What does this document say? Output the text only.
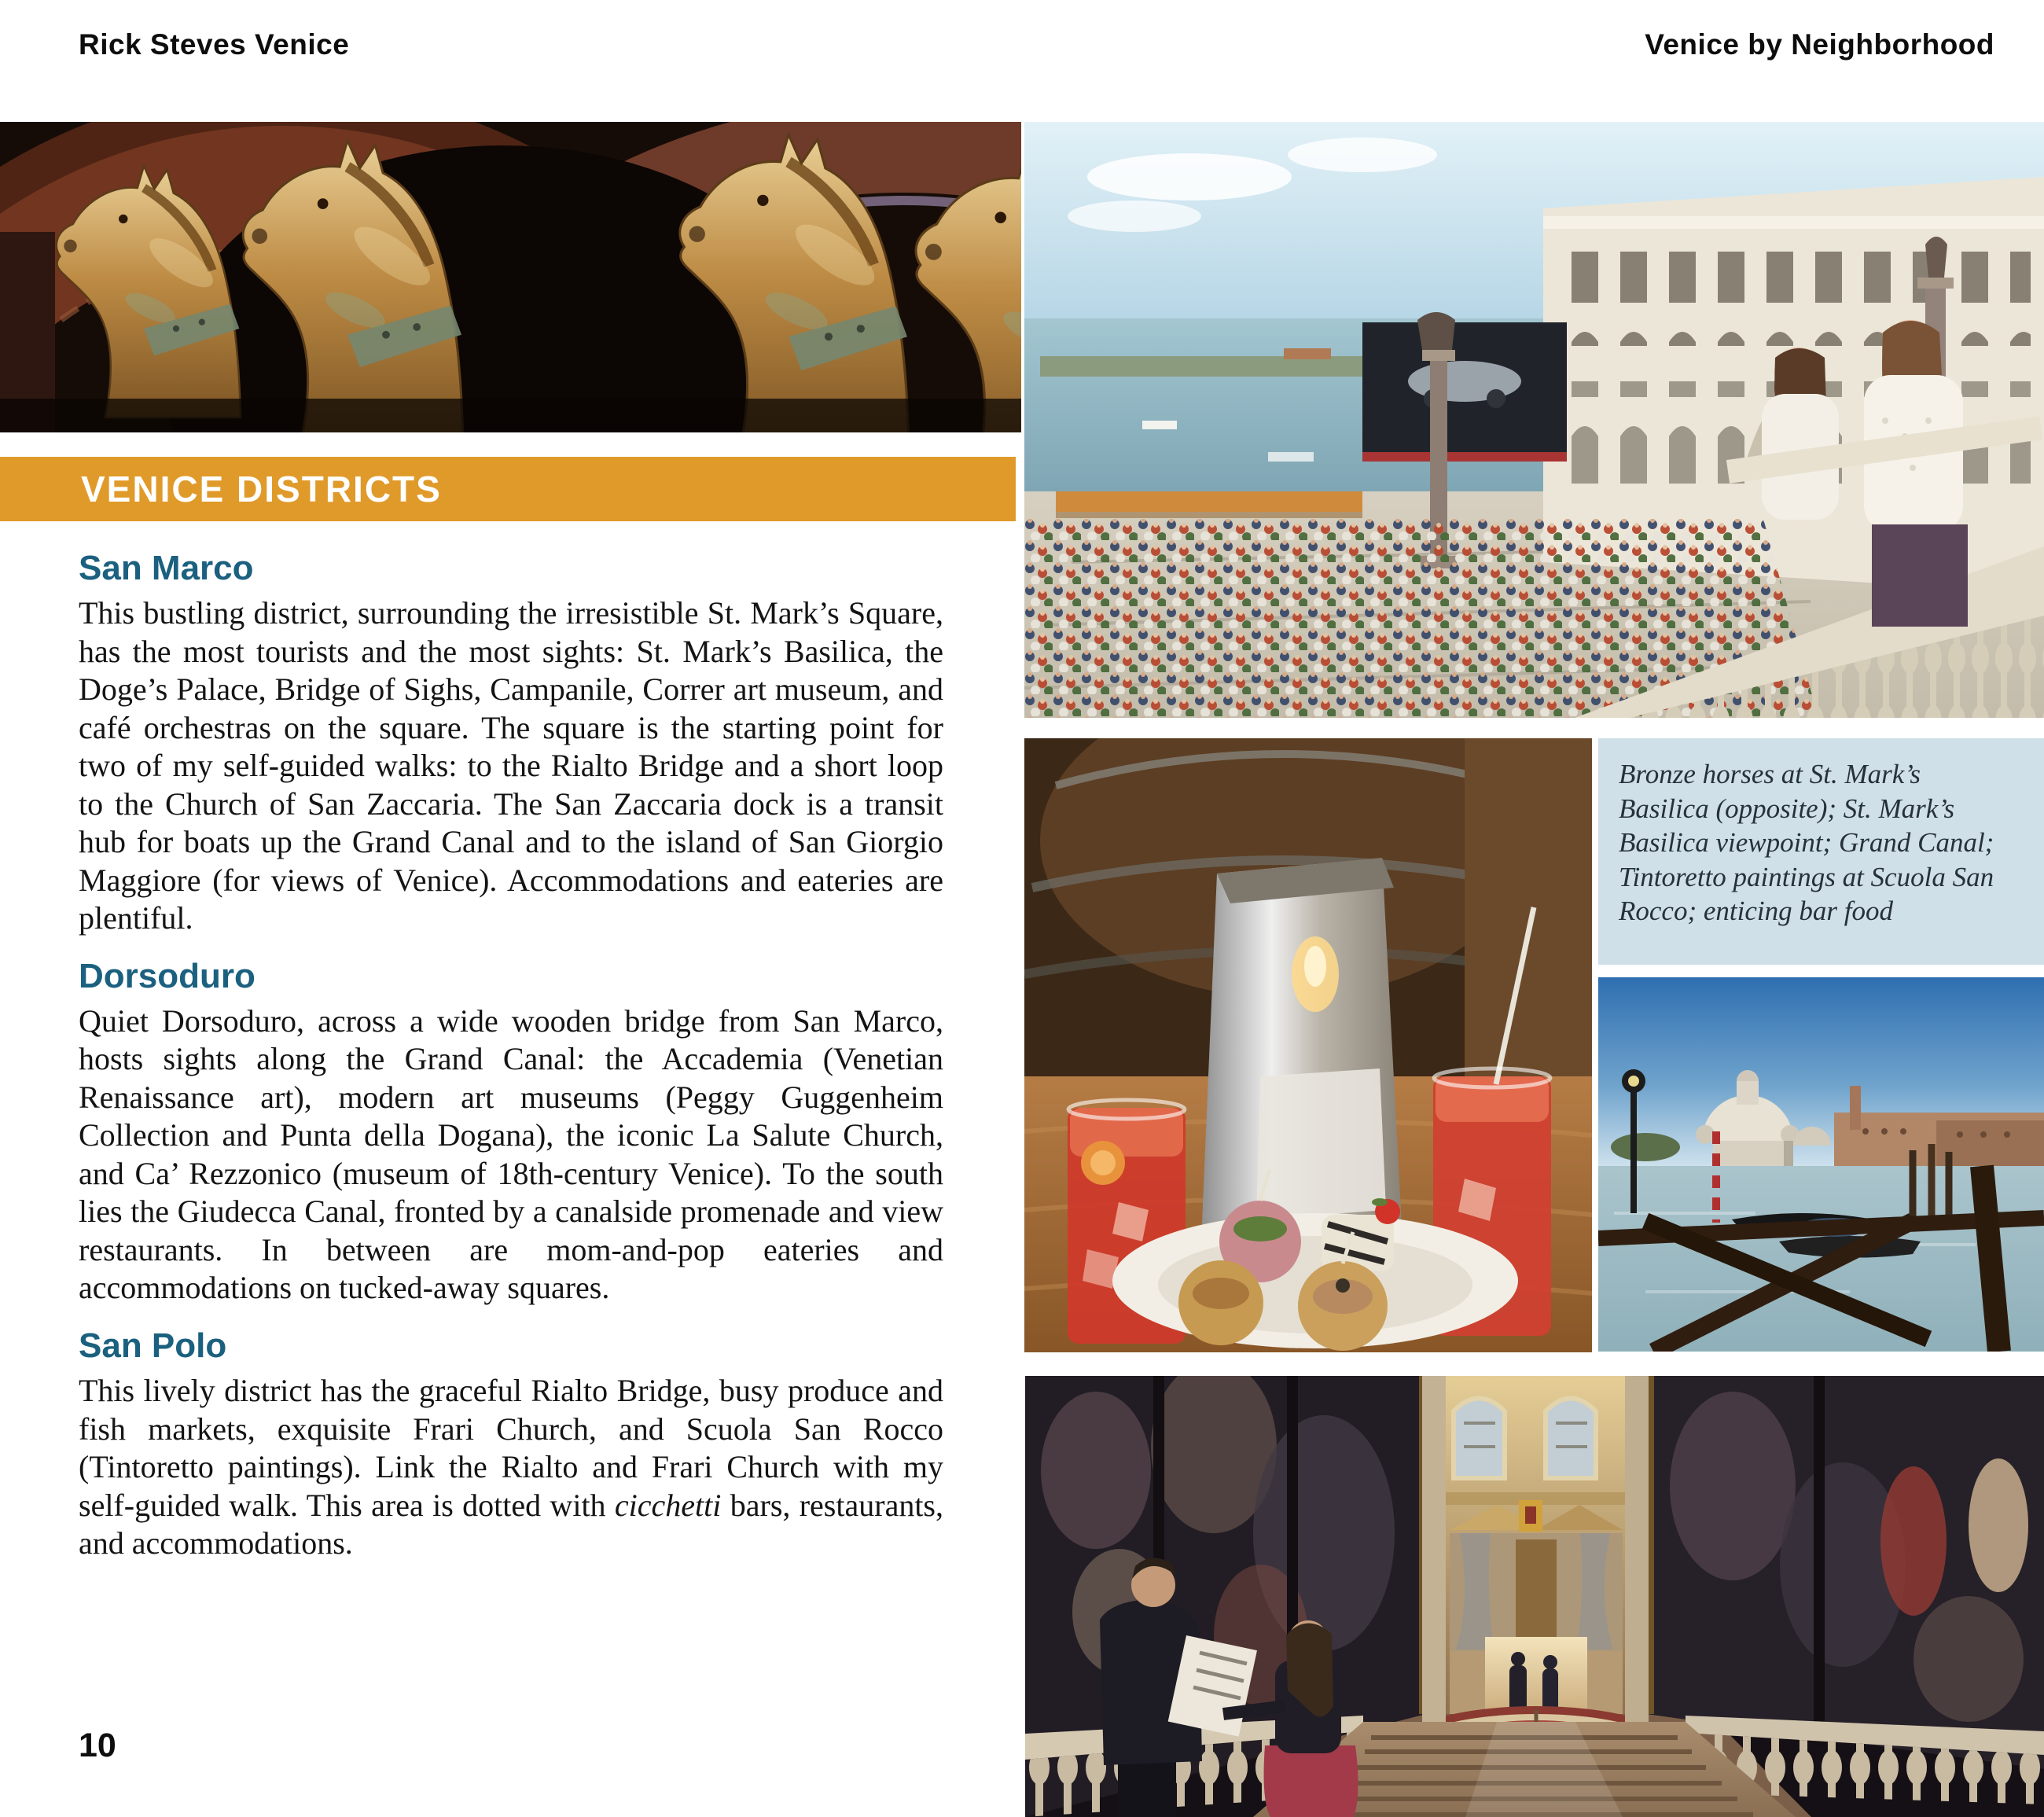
Rick Steves Venice	Venice by Neighborhood
VENICE DISTRICTS
San Marco

This bustling district, surrounding the irresistible St. Mark’s Square, has the most tourists and the most sights: St. Mark’s Basilica, the Doge’s Palace, Bridge of Sighs, Campanile, Correr art museum, and café orchestras on the square. The square is the starting point for two of my self-guided walks: to the Rialto Bridge and a short loop to the Church of San Zaccaria. The San Zaccaria dock is a transit hub for boats up the Grand Canal and to the island of San Giorgio Maggiore (for views of Venice). Accommodations and eateries are plentiful.

Dorsoduro

Quiet Dorsoduro, across a wide wooden bridge from San Marco, hosts sights along the Grand Canal: the Accademia (Venetian Renaissance art), modern art museums (Peggy Guggenheim Collection and Punta della Dogana), the iconic La Salute Church, and Ca’ Rezzonico (museum of 18th-century Venice). To the south lies the Giudecca Canal, fronted by a canalside promenade and view restaurants. In between are mom-and-pop eateries and accommodations on tucked-away squares.

San Polo

This lively district has the graceful Rialto Bridge, busy produce and fish markets, exquisite Frari Church, and Scuola San Rocco (Tintoretto paintings). Link the Rialto and Frari Church with my self-guided walk. This area is dotted with cicchetti bars, restaurants, and accommodations.

Bronze horses at St. Mark’s Basilica (opposite); St. Mark’s Basilica viewpoint; Grand Canal; Tintoretto paintings at Scuola San Rocco; enticing bar food

10
